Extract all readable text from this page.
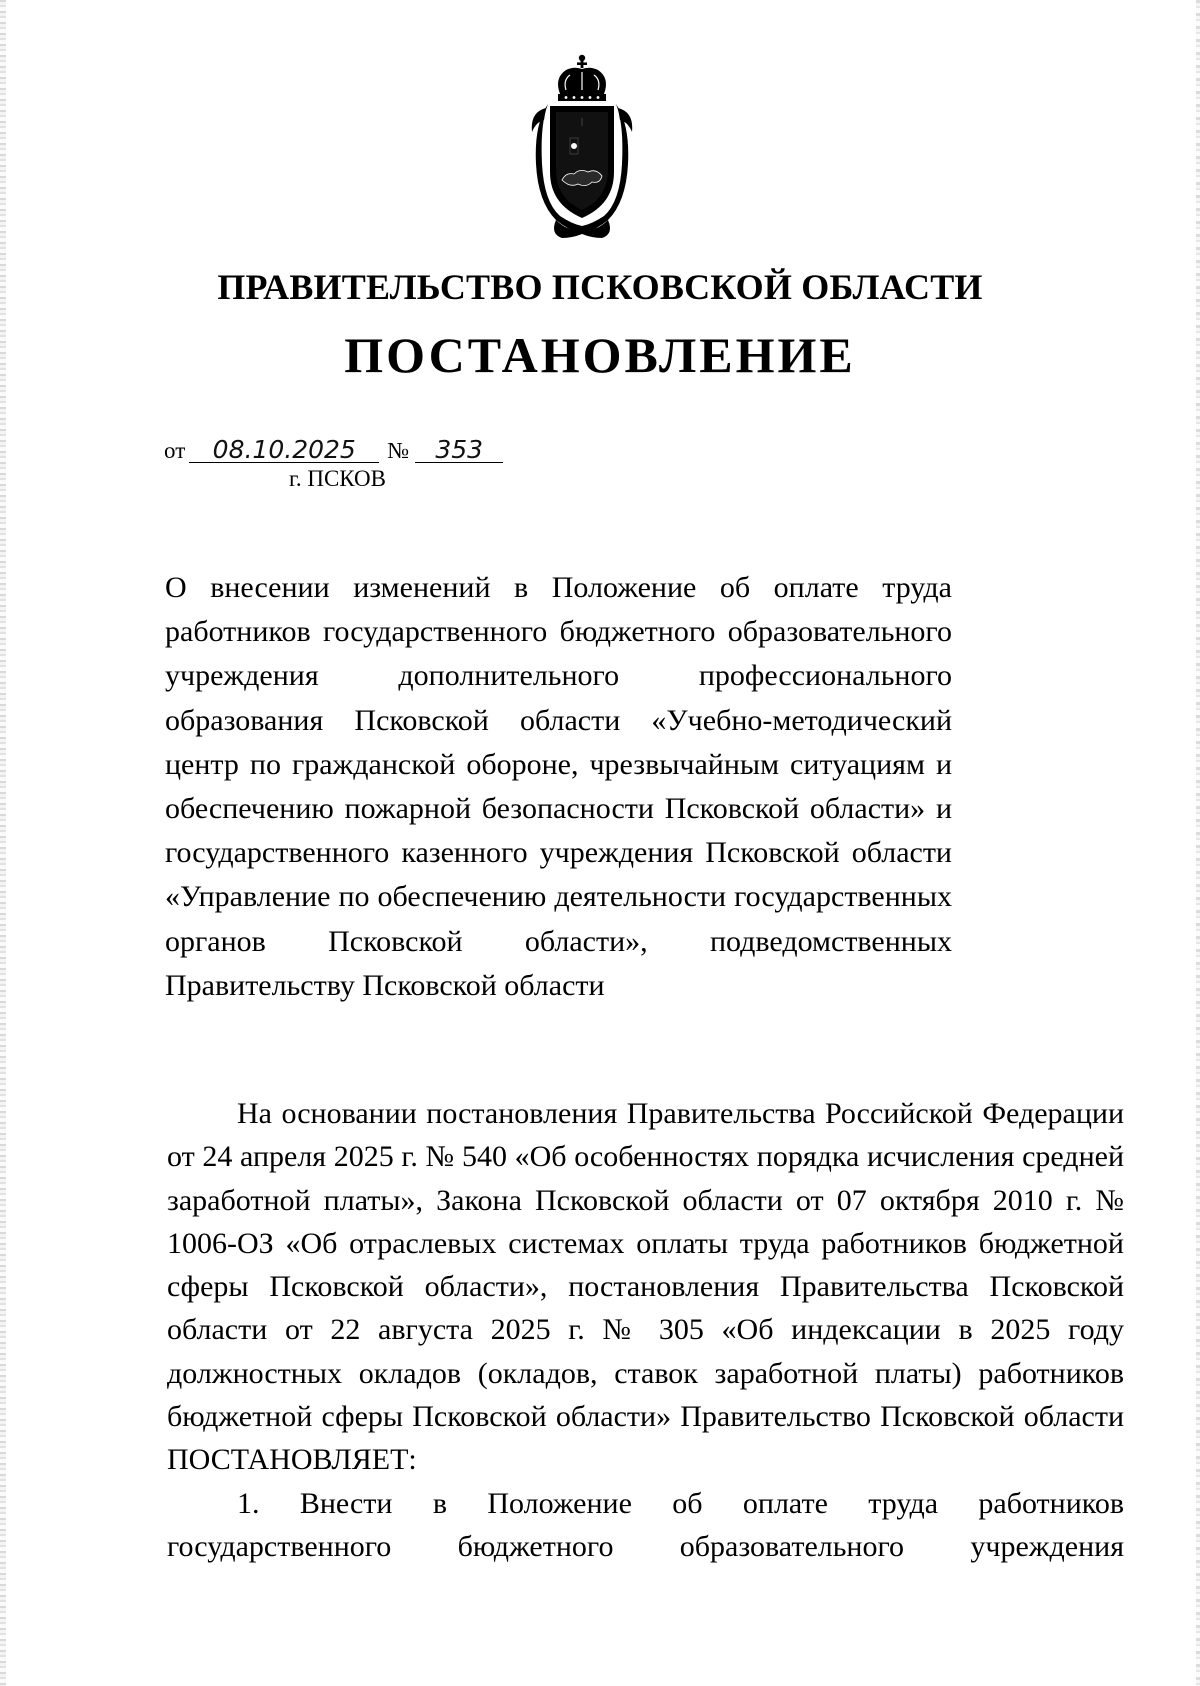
ПРАВИТЕЛЬСТВО ПСКОВСКОЙ ОБЛАСТИ
ПОСТАНОВЛЕНИЕ
от 08.10.2025 № 353
г. ПСКОВ

О внесении изменений в Положение об оплате труда работников государственного бюджетного образовательного учреждения дополнительного профессионального образования Псковской области «Учебно-методический центр по гражданской обороне, чрезвычайным ситуациям и обеспечению пожарной безопасности Псковской области» и государственного казенного учреждения Псковской области «Управление по обеспечению деятельности государственных органов Псковской области», подведомственных Правительству Псковской области

На основании постановления Правительства Российской Федерации от 24 апреля 2025 г. № 540 «Об особенностях порядка исчисления средней заработной платы», Закона Псковской области от 07 октября 2010 г. № 1006-ОЗ «Об отраслевых системах оплаты труда работников бюджетной сферы Псковской области», постановления Правительства Псковской области от 22 августа 2025 г. № 305 «Об индексации в 2025 году должностных окладов (окладов, ставок заработной платы) работников бюджетной сферы Псковской области» Правительство Псковской области ПОСТАНОВЛЯЕТ:

1. Внести в Положение об оплате труда работников государственного бюджетного образовательного учреждения
